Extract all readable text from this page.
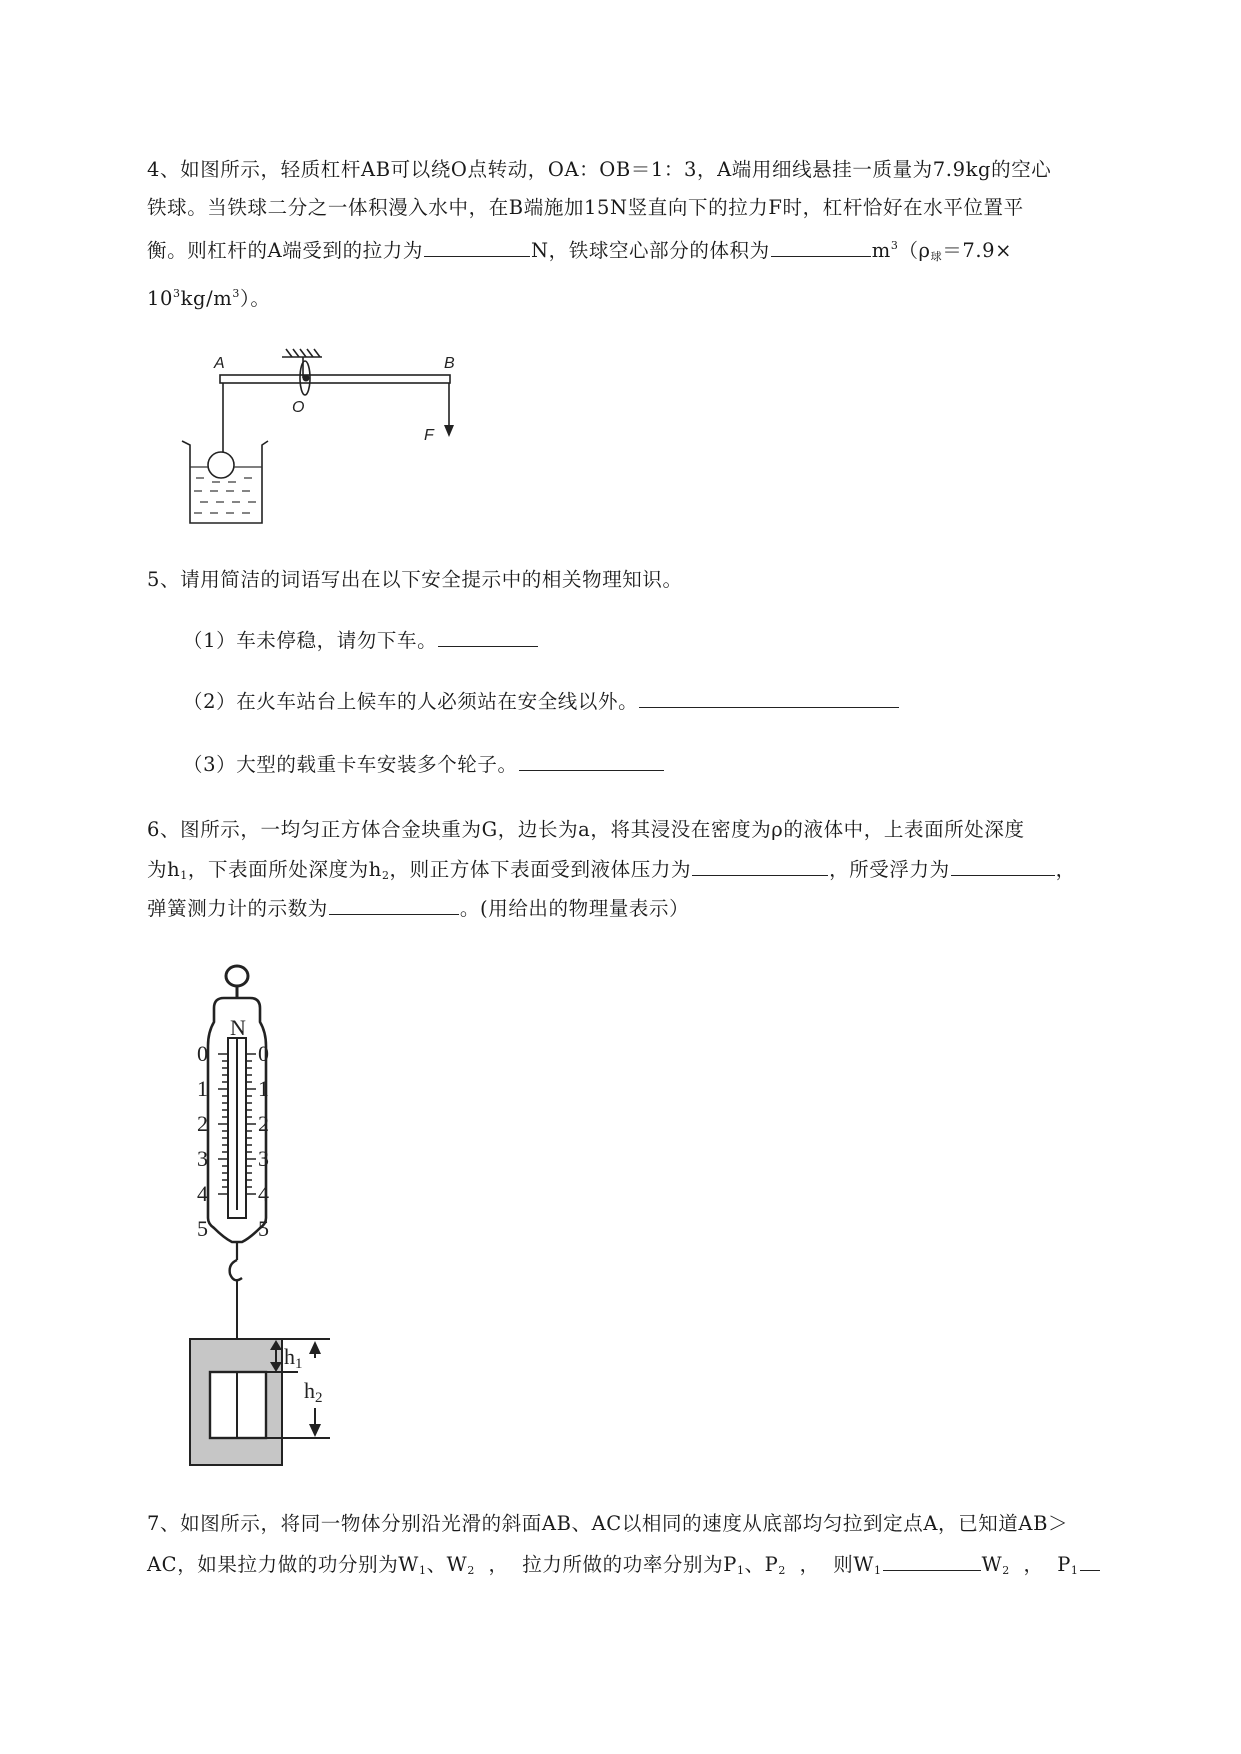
4、如图所示，轻质杠杆AB可以绕O点转动，OA：OB＝1：3，A端用细线悬挂一质量为7.9kg的空心
铁球。当铁球二分之一体积漫入水中，在B端施加15N竖直向下的拉力F时，杠杆恰好在水平位置平
衡。则杠杆的A端受到的拉力为	N，铁球空心部分的体积为	$m^3(\rho_球=7.9\times$
$10^3kg/m^3$）。
A	B
O
F
5、请用简洁的词语写出在以下安全提示中的相关物理知识。
（1）车未停稳，请勿下车。
（2）在火车站台上候车的人必须站在安全线以外。
（3）大型的载重卡车安装多个轮子。
6、图所示，一均匀正方体合金块重为G，边长为a，将其浸没在密度为ρ的液体中，上表面所处深度
为$h_1$，下表面所处深度为$h_2$，则正方体下表面受到液体压力为	，所受浮力为	，
弹簧测力计的示数为	。(用给出的物理量表示）
N
0
1
2
3
4
5
0
1
2
3
4
5
h1
h2
7、如图所示，将同一物体分别沿光滑的斜面AB、AC以相同的速度从底部均匀拉到定点A，已知道AB＞
AC，如果拉力做的功分别为$W_1$、$W_2$  ，  拉力所做的功率分别为$P_1$、$P_2$  ，  则$W_1$	$W_2$  ，  $P_1$
